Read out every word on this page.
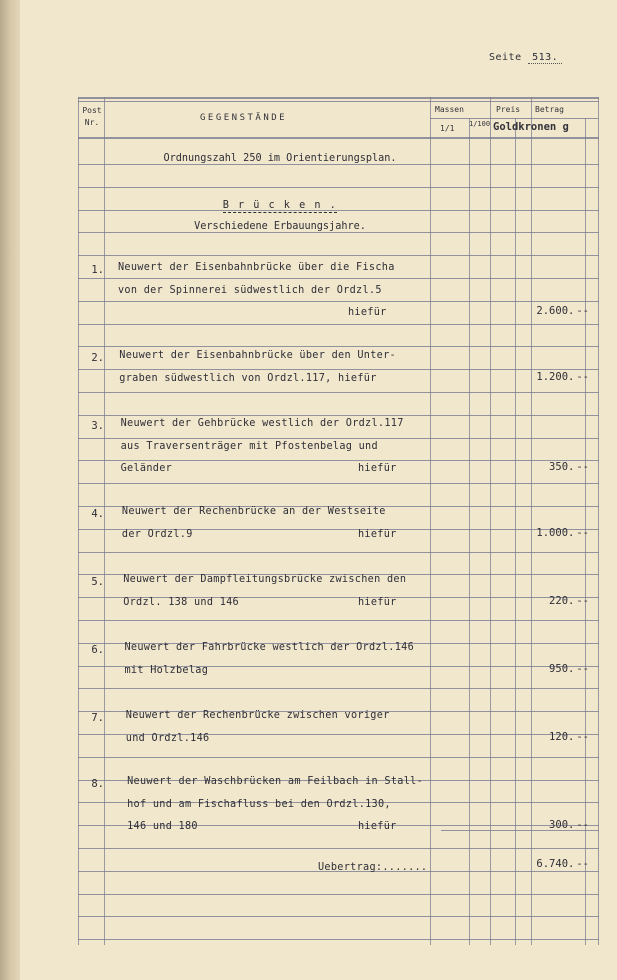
Seite 513.
Post Nr.	GEGENSTÄNDE
Massen
1/1 1/100
Preis Betrag
Goldkronen g
Ordnungszahl 250 im Orientierungsplan.
B r ü c k e n .
Verschiedene Erbauungsjahre.
1. Neuwert der Eisenbahnbrücke über die Fischa
von der Spinnerei südwestlich der Ordzl.5
hiefür	2.600. --
2. Neuwert der Eisenbahnbrücke über den Unter-
graben südwestlich von Ordzl.117, hiefür	1.200. --
3. Neuwert der Gehbrücke westlich der Ordzl.117
aus Traversenträger mit Pfostenbelag und
Geländer	hiefür	350. --
4. Neuwert der Rechenbrücke an der Westseite
der Ordzl.9	hiefür	1.000. --
5. Neuwert der Dampfleitungsbrücke zwischen den
Ordzl. 138 und 146	hiefür	220. --
6. Neuwert der Fahrbrücke westlich der Ordzl.146
mit Holzbelag	950. --
7. Neuwert der Rechenbrücke zwischen voriger
und Ordzl.146	120. --
8. Neuwert der Waschbrücken am Feilbach in Stall-
hof und am Fischafluss bei den Ordzl.130,
146 und 180	hiefür	300. --
Uebertrag:.......	6.740. --
